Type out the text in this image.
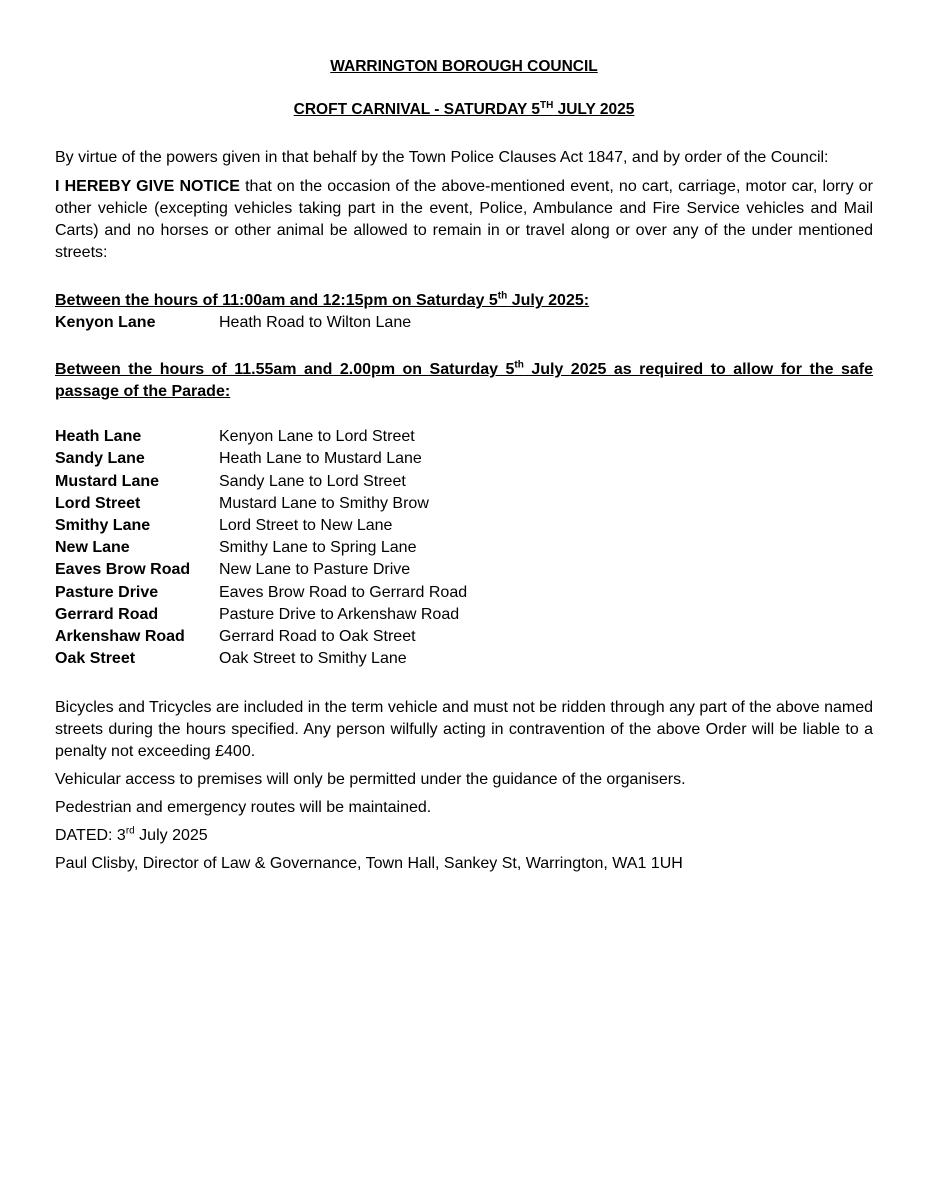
WARRINGTON BOROUGH COUNCIL
CROFT CARNIVAL - SATURDAY 5TH JULY 2025

By virtue of the powers given in that behalf by the Town Police Clauses Act 1847, and by order of the Council:

I HEREBY GIVE NOTICE that on the occasion of the above-mentioned event, no cart, carriage, motor car, lorry or other vehicle (excepting vehicles taking part in the event, Police, Ambulance and Fire Service vehicles and Mail Carts) and no horses or other animal be allowed to remain in or travel along or over any of the under mentioned streets:

Between the hours of 11:00am and 12:15pm on Saturday 5th July 2025:
Kenyon Lane	Heath Road to Wilton Lane
Between the hours of 11.55am and 2.00pm on Saturday 5th July 2025 as required to allow for the safe passage of the Parade:
Heath Lane	Kenyon Lane to Lord Street
Sandy Lane	Heath Lane to Mustard Lane
Mustard Lane	Sandy Lane to Lord Street
Lord Street	Mustard Lane to Smithy Brow
Smithy Lane	Lord Street to New Lane
New Lane	Smithy Lane to Spring Lane
Eaves Brow Road	New Lane to Pasture Drive
Pasture Drive	Eaves Brow Road to Gerrard Road
Gerrard Road	Pasture Drive to Arkenshaw Road
Arkenshaw Road	Gerrard Road to Oak Street
Oak Street	Oak Street to Smithy Lane

Bicycles and Tricycles are included in the term vehicle and must not be ridden through any part of the above named streets during the hours specified. Any person wilfully acting in contravention of the above Order will be liable to a penalty not exceeding £400.

Vehicular access to premises will only be permitted under the guidance of the organisers.

Pedestrian and emergency routes will be maintained.

DATED: 3rd July 2025

Paul Clisby, Director of Law & Governance, Town Hall, Sankey St, Warrington, WA1 1UH
